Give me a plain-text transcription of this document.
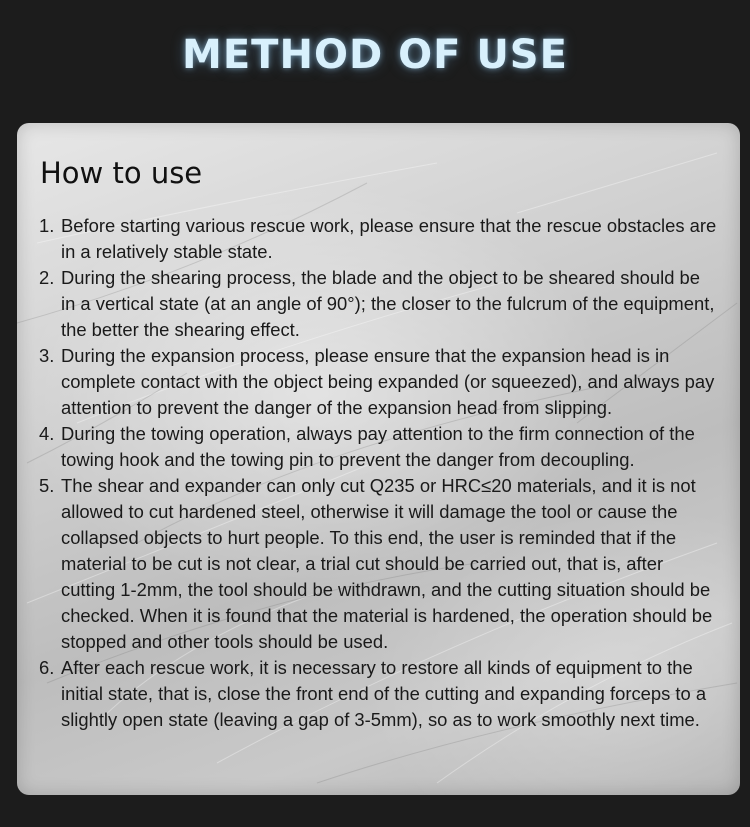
METHOD OF USE
How to use
1. Before starting various rescue work, please ensure that the rescue obstacles are in a relatively stable state.
2. During the shearing process, the blade and the object to be sheared should be in a vertical state (at an angle of 90°); the closer to the fulcrum of the equipment, the better the shearing effect.
3. During the expansion process, please ensure that the expansion head is in complete contact with the object being expanded (or squeezed), and always pay attention to prevent the danger of the expansion head from slipping.
4. During the towing operation, always pay attention to the firm connection of the towing hook and the towing pin to prevent the danger from decoupling.
5. The shear and expander can only cut Q235 or HRC≤20 materials, and it is not allowed to cut hardened steel, otherwise it will damage the tool or cause the collapsed objects to hurt people. To this end, the user is reminded that if the material to be cut is not clear, a trial cut should be carried out, that is, after cutting 1-2mm, the tool should be withdrawn, and the cutting situation should be checked. When it is found that the material is hardened, the operation should be stopped and other tools should be used.
6. After each rescue work, it is necessary to restore all kinds of equipment to the initial state, that is, close the front end of the cutting and expanding forceps to a slightly open state (leaving a gap of 3-5mm), so as to work smoothly next time.
